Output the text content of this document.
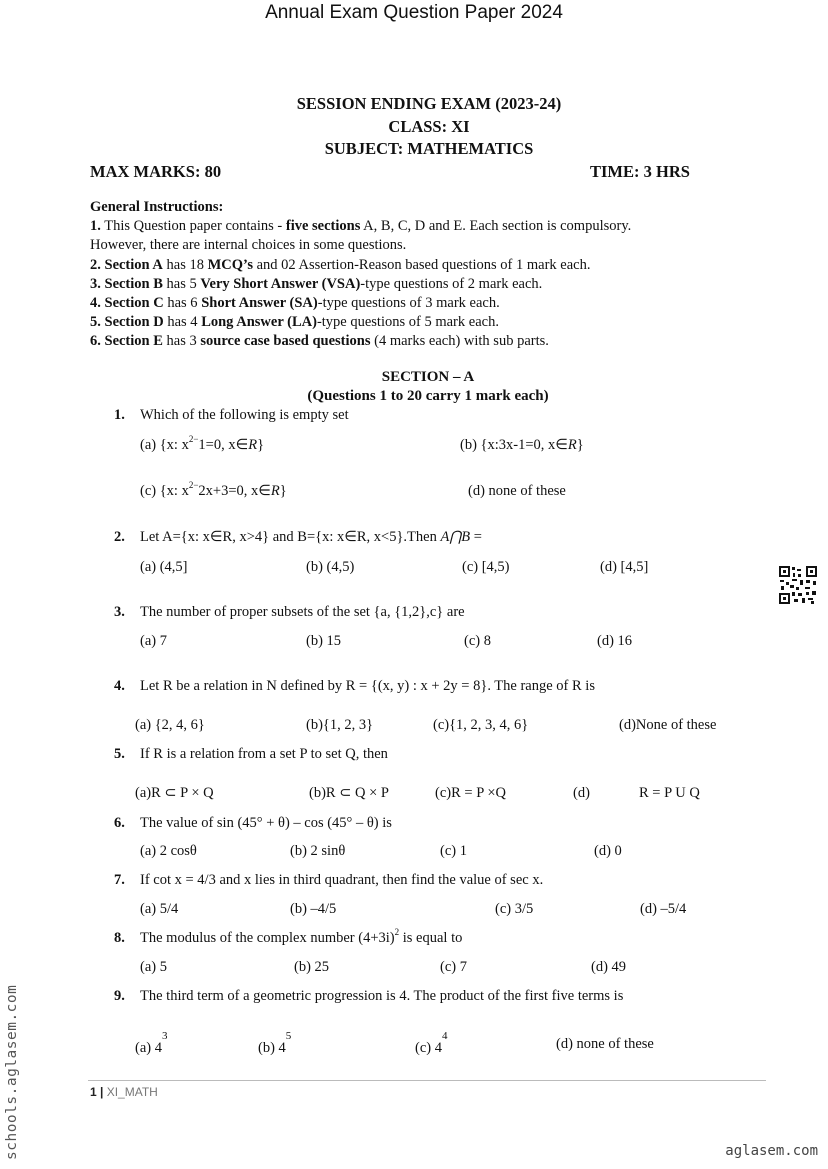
Annual Exam Question Paper 2024
SESSION ENDING EXAM (2023-24)
CLASS: XI
SUBJECT: MATHEMATICS
MAX MARKS: 80	TIME: 3 HRS
General Instructions:
1. This Question paper contains - five sections A, B, C, D and E. Each section is compulsory.
However, there are internal choices in some questions.
2. Section A has 18 MCQ’s and 02 Assertion-Reason based questions of 1 mark each.
3. Section B has 5 Very Short Answer (VSA)-type questions of 2 mark each.
4. Section C has 6 Short Answer (SA)-type questions of 3 mark each.
5. Section D has 4 Long Answer (LA)-type questions of 5 mark each.
6. Section E has 3 source case based questions (4 marks each) with sub parts.
SECTION – A
(Questions 1 to 20 carry 1 mark each)
1. Which of the following is empty set
(a) {x: $x^{2-}1=0$, x∈R}	(b) {x:3x-1=0, x∈R}
(c) {x: $x^{2-}2x+3=0$, x∈R}	(d) none of these
2. Let A={x: x∈R, x>4} and B={x: x∈R, x<5}.Then A⋂B =
(a) (4,5]	(b) (4,5)	(c) [4,5)	(d) [4,5]
3. The number of proper subsets of the set {a, {1,2},c} are
(a) 7	(b) 15	(c) 8	(d) 16
4. Let R be a relation in N defined by R = {(x, y) : x + 2y = 8}. The range of R is
(a) {2, 4, 6}	(b){1, 2, 3}	(c){1, 2, 3, 4, 6}	(d)None of these
5. If R is a relation from a set P to set Q, then
(a)R ⊂ P × Q	(b)R ⊂ Q × P	(c)R = P ×Q	(d)	R = P U Q
6. The value of sin (45° + θ) – cos (45° – θ) is
(a) 2 cosθ	(b) 2 sinθ	(c) 1	(d) 0
7. If cot x = 4/3 and x lies in third quadrant, then find the value of sec x.
(a) 5/4	(b) –4/5	(c) 3/5	(d) –5/4
8. The modulus of the complex number $(4+3i)^2$ is equal to
(a) 5	(b) 25	(c) 7	(d) 49
9. The third term of a geometric progression is 4. The product of the first five terms is
(a) $4^3$
(b) $4^5$
(c) $4^4$	(d) none of these
1 | XI_MATH
schools.aglasem.com	aglasem.com
